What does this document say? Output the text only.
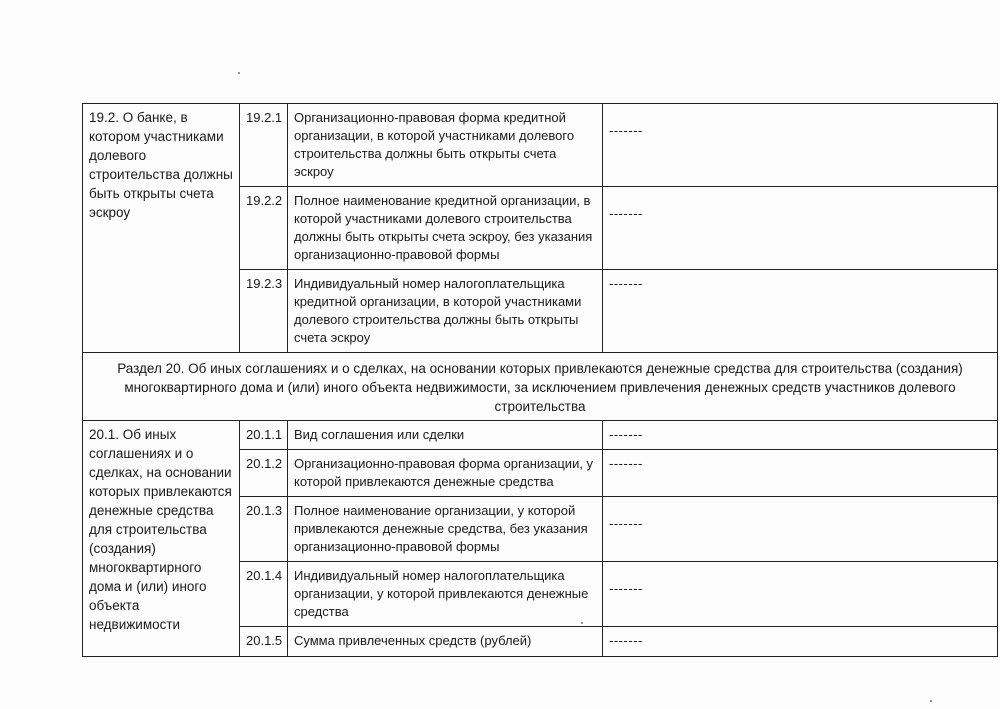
19.2. О банке, в котором участниками долевого строительства должны быть открыты счета эскроу	19.2.1	Организационно-правовая форма кредитной организации, в которой участниками долевого строительства должны быть открыты счета эскроу	-------
	19.2.2	Полное наименование кредитной организации, в которой участниками долевого строительства должны быть открыты счета эскроу, без указания организационно-правовой формы	-------
	19.2.3	Индивидуальный номер налогоплательщика кредитной организации, в которой участниками долевого строительства должны быть открыты счета эскроу	-------
Раздел 20. Об иных соглашениях и о сделках, на основании которых привлекаются денежные средства для строительства (создания) многоквартирного дома и (или) иного объекта недвижимости, за исключением привлечения денежных средств участников долевого строительства			
20.1. Об иных соглашениях и о сделках, на основании которых привлекаются денежные средства для строительства (создания) многоквартирного дома и (или) иного объекта недвижимости	20.1.1	Вид соглашения или сделки	-------
	20.1.2	Организационно-правовая форма организации, у которой привлекаются денежные средства	-------
	20.1.3	Полное наименование организации, у которой привлекаются денежные средства, без указания организационно-правовой формы	-------
	20.1.4	Индивидуальный номер налогоплательщика организации, у которой привлекаются денежные средства	-------
	20.1.5	Сумма привлеченных средств (рублей)	-------
